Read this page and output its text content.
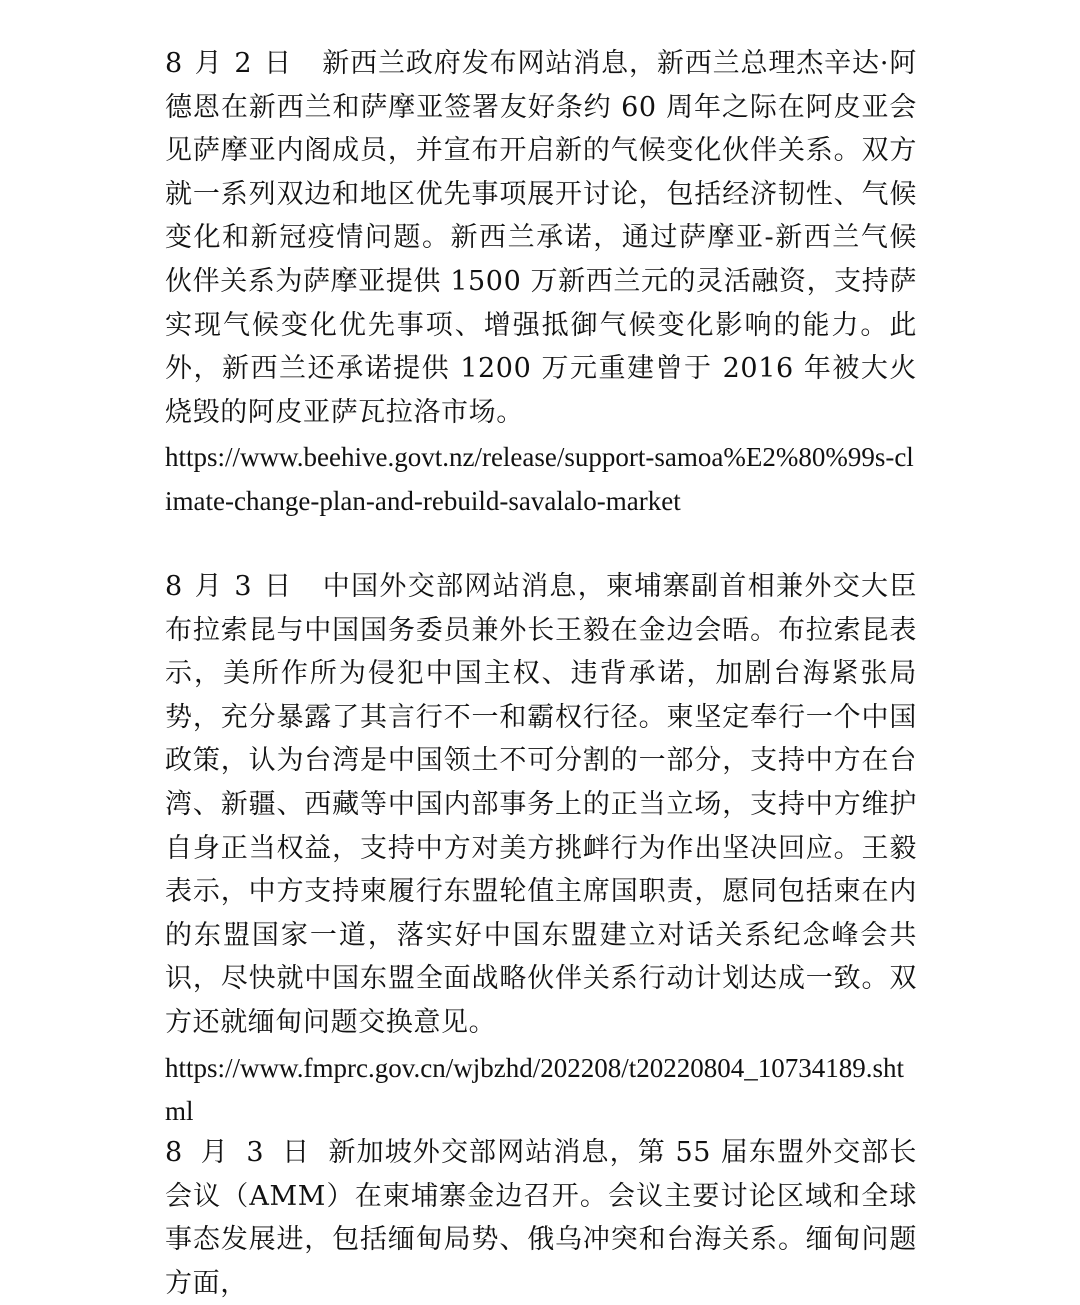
8 月 2 日 新西兰政府发布网站消息，新西兰总理杰辛达·阿德恩在新西兰和萨摩亚签署友好条约 60 周年之际在阿皮亚会见萨摩亚内阁成员，并宣布开启新的气候变化伙伴关系。双方就一系列双边和地区优先事项展开讨论，包括经济韧性、气候变化和新冠疫情问题。新西兰承诺，通过萨摩亚-新西兰气候伙伴关系为萨摩亚提供 1500 万新西兰元的灵活融资，支持萨实现气候变化优先事项、增强抵御气候变化影响的能力。此外，新西兰还承诺提供 1200 万元重建曾于 2016 年被大火烧毁的阿皮亚萨瓦拉洛市场。
https://www.beehive.govt.nz/release/support-samoa%E2%80%99s-climate-change-plan-and-rebuild-savalalo-market
8 月 3 日 中国外交部网站消息，柬埔寨副首相兼外交大臣布拉索昆与中国国务委员兼外长王毅在金边会晤。布拉索昆表示，美所作所为侵犯中国主权、违背承诺，加剧台海紧张局势，充分暴露了其言行不一和霸权行径。柬坚定奉行一个中国政策，认为台湾是中国领土不可分割的一部分，支持中方在台湾、新疆、西藏等中国内部事务上的正当立场，支持中方维护自身正当权益，支持中方对美方挑衅行为作出坚决回应。王毅表示，中方支持柬履行东盟轮值主席国职责，愿同包括柬在内的东盟国家一道，落实好中国东盟建立对话关系纪念峰会共识，尽快就中国东盟全面战略伙伴关系行动计划达成一致。双方还就缅甸问题交换意见。
https://www.fmprc.gov.cn/wjbzhd/202208/t20220804_10734189.shtml
8 月 3 日 新加坡外交部网站消息，第 55 届东盟外交部长会议（AMM）在柬埔寨金边召开。会议主要讨论区域和全球事态发展进，包括缅甸局势、俄乌冲突和台海关系。缅甸问题方面，
